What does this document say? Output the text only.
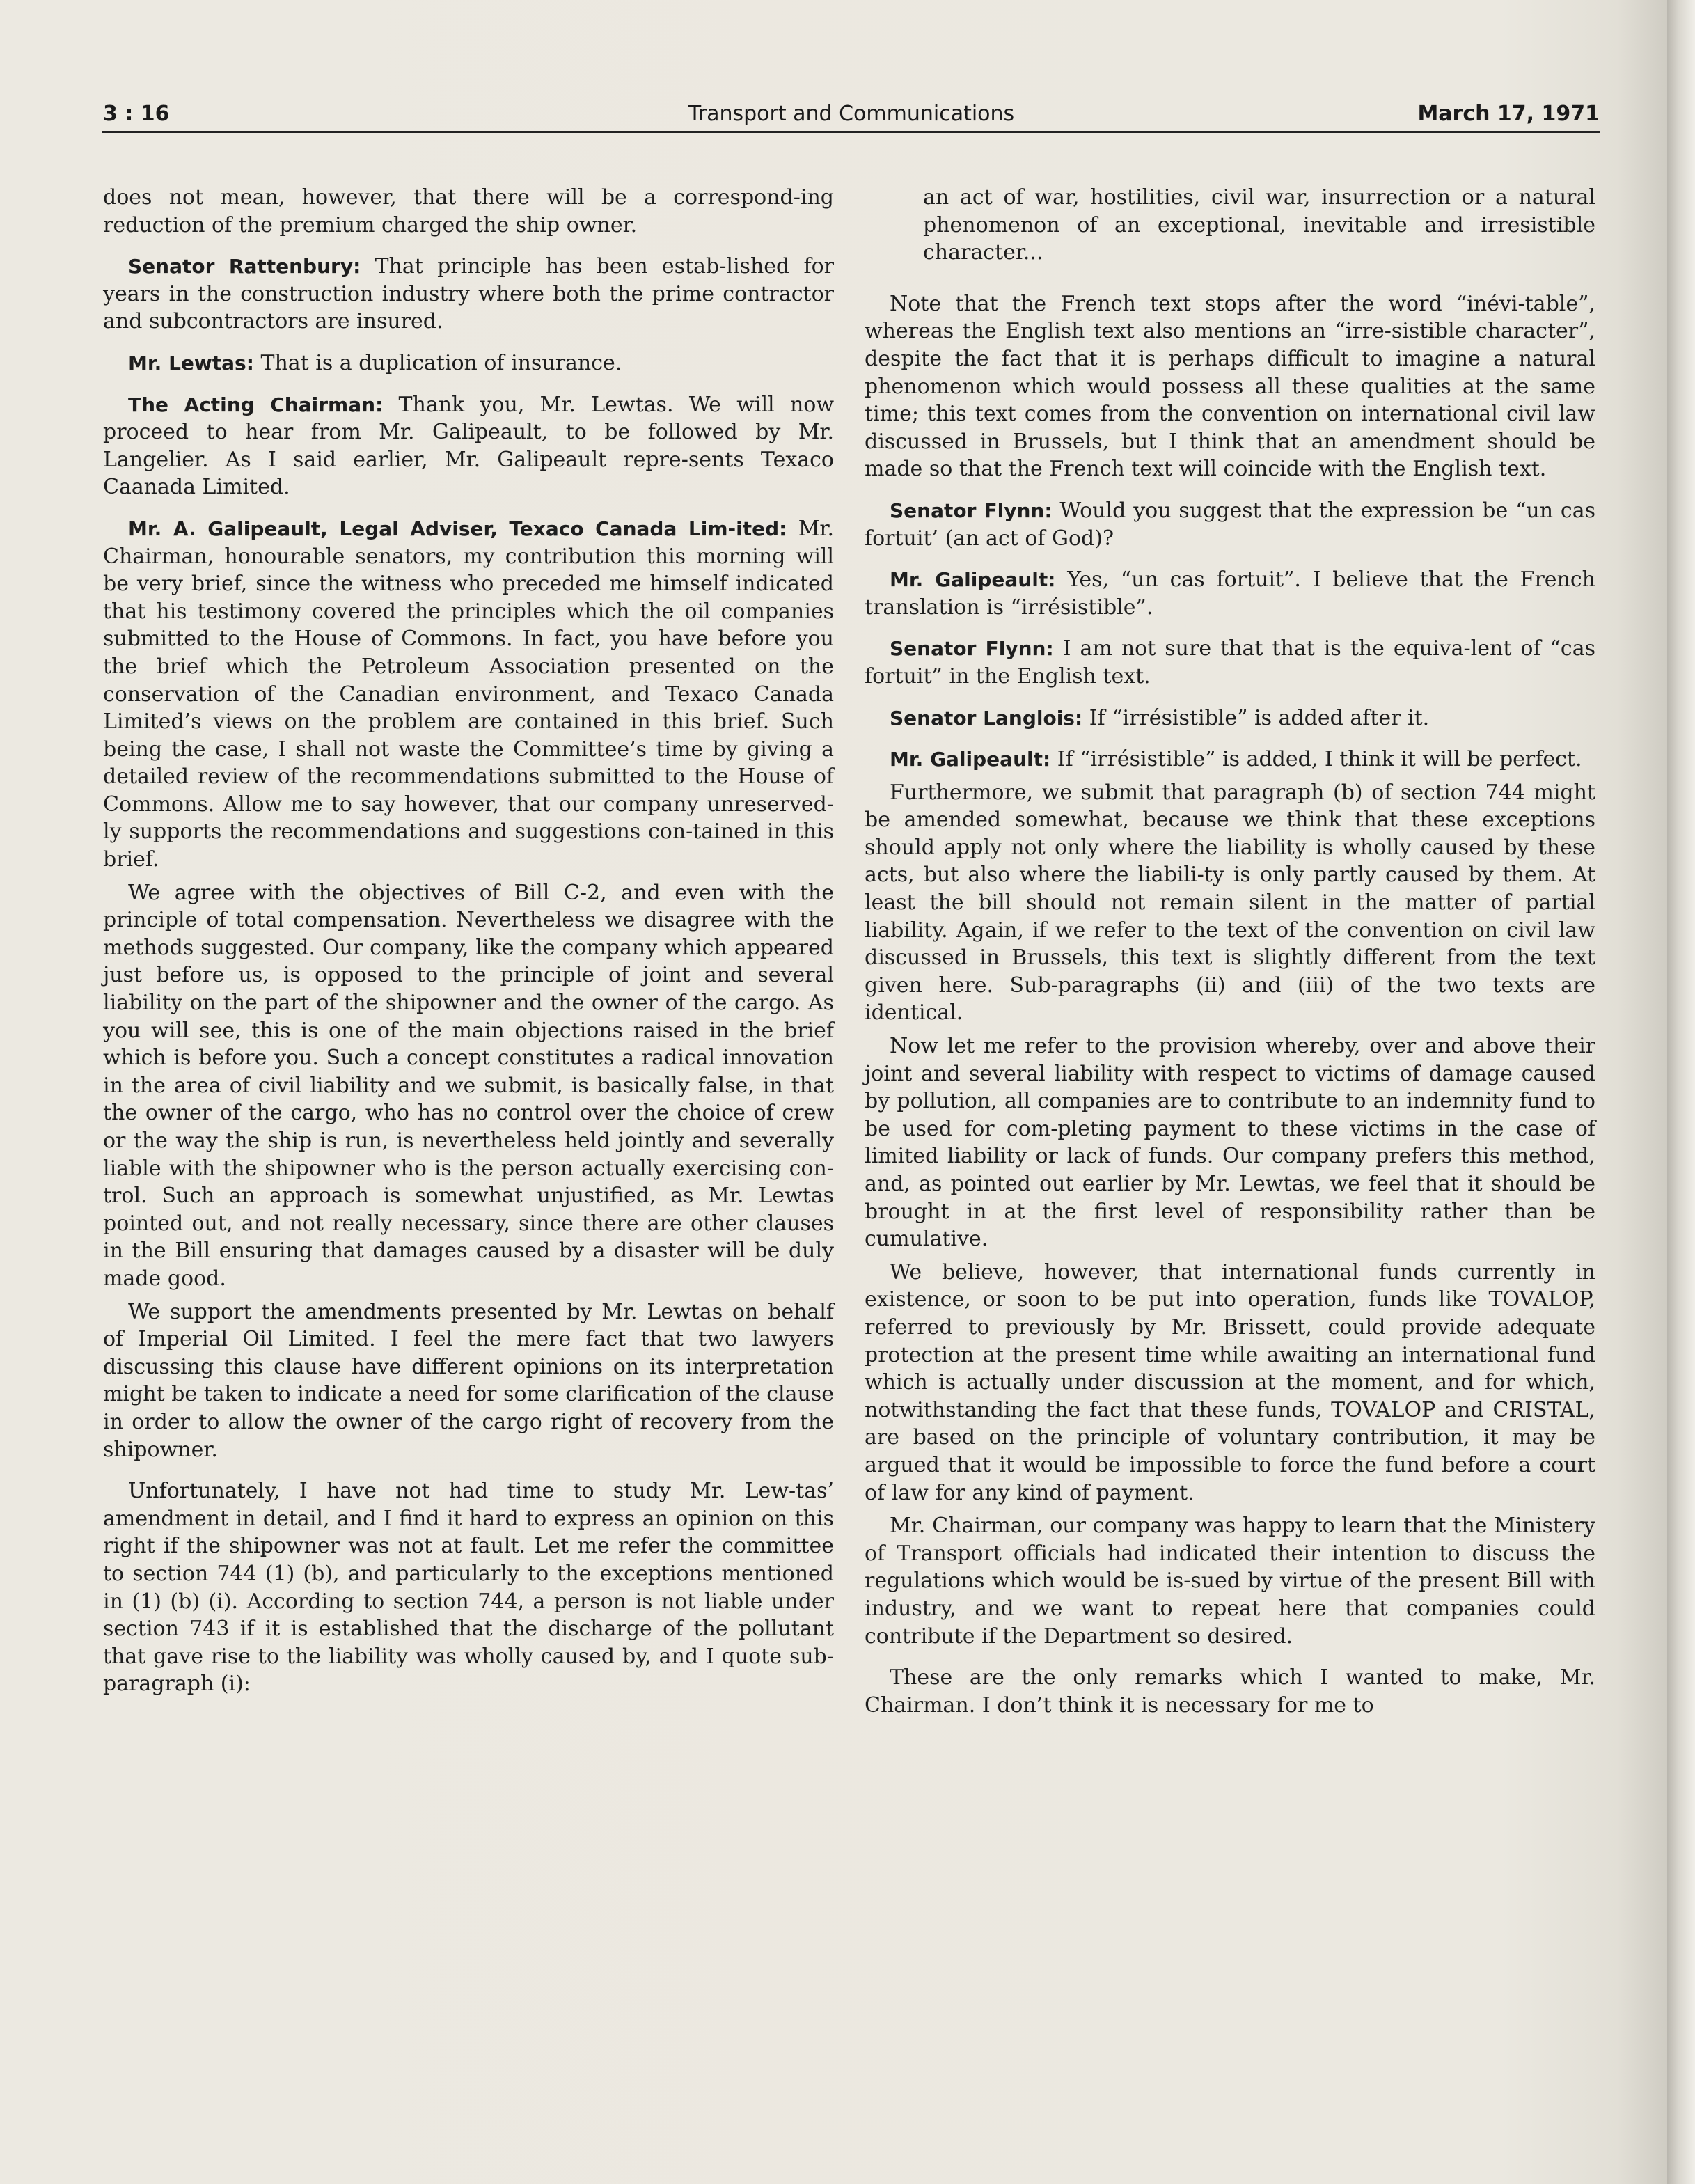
3 : 16	Transport and Communications	March 17, 1971

does not mean, however, that there will be a correspond-ing reduction of the premium charged the ship owner.

Senator Rattenbury: That principle has been estab-lished for years in the construction industry where both the prime contractor and subcontractors are insured.

Mr. Lewtas: That is a duplication of insurance.

The Acting Chairman: Thank you, Mr. Lewtas. We will now proceed to hear from Mr. Galipeault, to be followed by Mr. Langelier. As I said earlier, Mr. Galipeault repre-sents Texaco Caanada Limited.

Mr. A. Galipeault, Legal Adviser, Texaco Canada Lim-ited: Mr. Chairman, honourable senators, my contribution this morning will be very brief, since the witness who preceded me himself indicated that his testimony covered the principles which the oil companies submitted to the House of Commons. In fact, you have before you the brief which the Petroleum Association presented on the conservation of the Canadian environment, and Texaco Canada Limited’s views on the problem are contained in this brief. Such being the case, I shall not waste the Committee’s time by giving a detailed review of the recommendations submitted to the House of Commons. Allow me to say however, that our company unreserved-ly supports the recommendations and suggestions con-tained in this brief.

We agree with the objectives of Bill C-2, and even with the principle of total compensation. Nevertheless we disagree with the methods suggested. Our company, like the company which appeared just before us, is opposed to the principle of joint and several liability on the part of the shipowner and the owner of the cargo. As you will see, this is one of the main objections raised in the brief which is before you. Such a concept constitutes a radical innovation in the area of civil liability and we submit, is basically false, in that the owner of the cargo, who has no control over the choice of crew or the way the ship is run, is nevertheless held jointly and severally liable with the shipowner who is the person actually exercising con-trol. Such an approach is somewhat unjustified, as Mr. Lewtas pointed out, and not really necessary, since there are other clauses in the Bill ensuring that damages caused by a disaster will be duly made good.

We support the amendments presented by Mr. Lewtas on behalf of Imperial Oil Limited. I feel the mere fact that two lawyers discussing this clause have different opinions on its interpretation might be taken to indicate a need for some clarification of the clause in order to allow the owner of the cargo right of recovery from the shipowner.

Unfortunately, I have not had time to study Mr. Lew-tas’ amendment in detail, and I find it hard to express an opinion on this right if the shipowner was not at fault. Let me refer the committee to section 744 (1) (b), and particularly to the exceptions mentioned in (1) (b) (i). According to section 744, a person is not liable under section 743 if it is established that the discharge of the pollutant that gave rise to the liability was wholly caused by, and I quote sub-paragraph (i):

an act of war, hostilities, civil war, insurrection or a natural phenomenon of an exceptional, inevitable and irresistible character...

Note that the French text stops after the word “inévi-table”, whereas the English text also mentions an “irre-sistible character”, despite the fact that it is perhaps difficult to imagine a natural phenomenon which would possess all these qualities at the same time; this text comes from the convention on international civil law discussed in Brussels, but I think that an amendment should be made so that the French text will coincide with the English text.

Senator Flynn: Would you suggest that the expression be “un cas fortuit’ (an act of God)?

Mr. Galipeault: Yes, “un cas fortuit”. I believe that the French translation is “irrésistible”.

Senator Flynn: I am not sure that that is the equiva-lent of “cas fortuit” in the English text.

Senator Langlois: If “irrésistible” is added after it.

Mr. Galipeault: If “irrésistible” is added, I think it will be perfect.

Furthermore, we submit that paragraph (b) of section 744 might be amended somewhat, because we think that these exceptions should apply not only where the liability is wholly caused by these acts, but also where the liabili-ty is only partly caused by them. At least the bill should not remain silent in the matter of partial liability. Again, if we refer to the text of the convention on civil law discussed in Brussels, this text is slightly different from the text given here. Sub-paragraphs (ii) and (iii) of the two texts are identical.

Now let me refer to the provision whereby, over and above their joint and several liability with respect to victims of damage caused by pollution, all companies are to contribute to an indemnity fund to be used for com-pleting payment to these victims in the case of limited liability or lack of funds. Our company prefers this method, and, as pointed out earlier by Mr. Lewtas, we feel that it should be brought in at the first level of responsibility rather than be cumulative.

We believe, however, that international funds currently in existence, or soon to be put into operation, funds like TOVALOP, referred to previously by Mr. Brissett, could provide adequate protection at the present time while awaiting an international fund which is actually under discussion at the moment, and for which, notwithstanding the fact that these funds, TOVALOP and CRISTAL, are based on the principle of voluntary contribution, it may be argued that it would be impossible to force the fund before a court of law for any kind of payment.

Mr. Chairman, our company was happy to learn that the Ministery of Transport officials had indicated their intention to discuss the regulations which would be is-sued by virtue of the present Bill with industry, and we want to repeat here that companies could contribute if the Department so desired.

These are the only remarks which I wanted to make, Mr. Chairman. I don’t think it is necessary for me to
